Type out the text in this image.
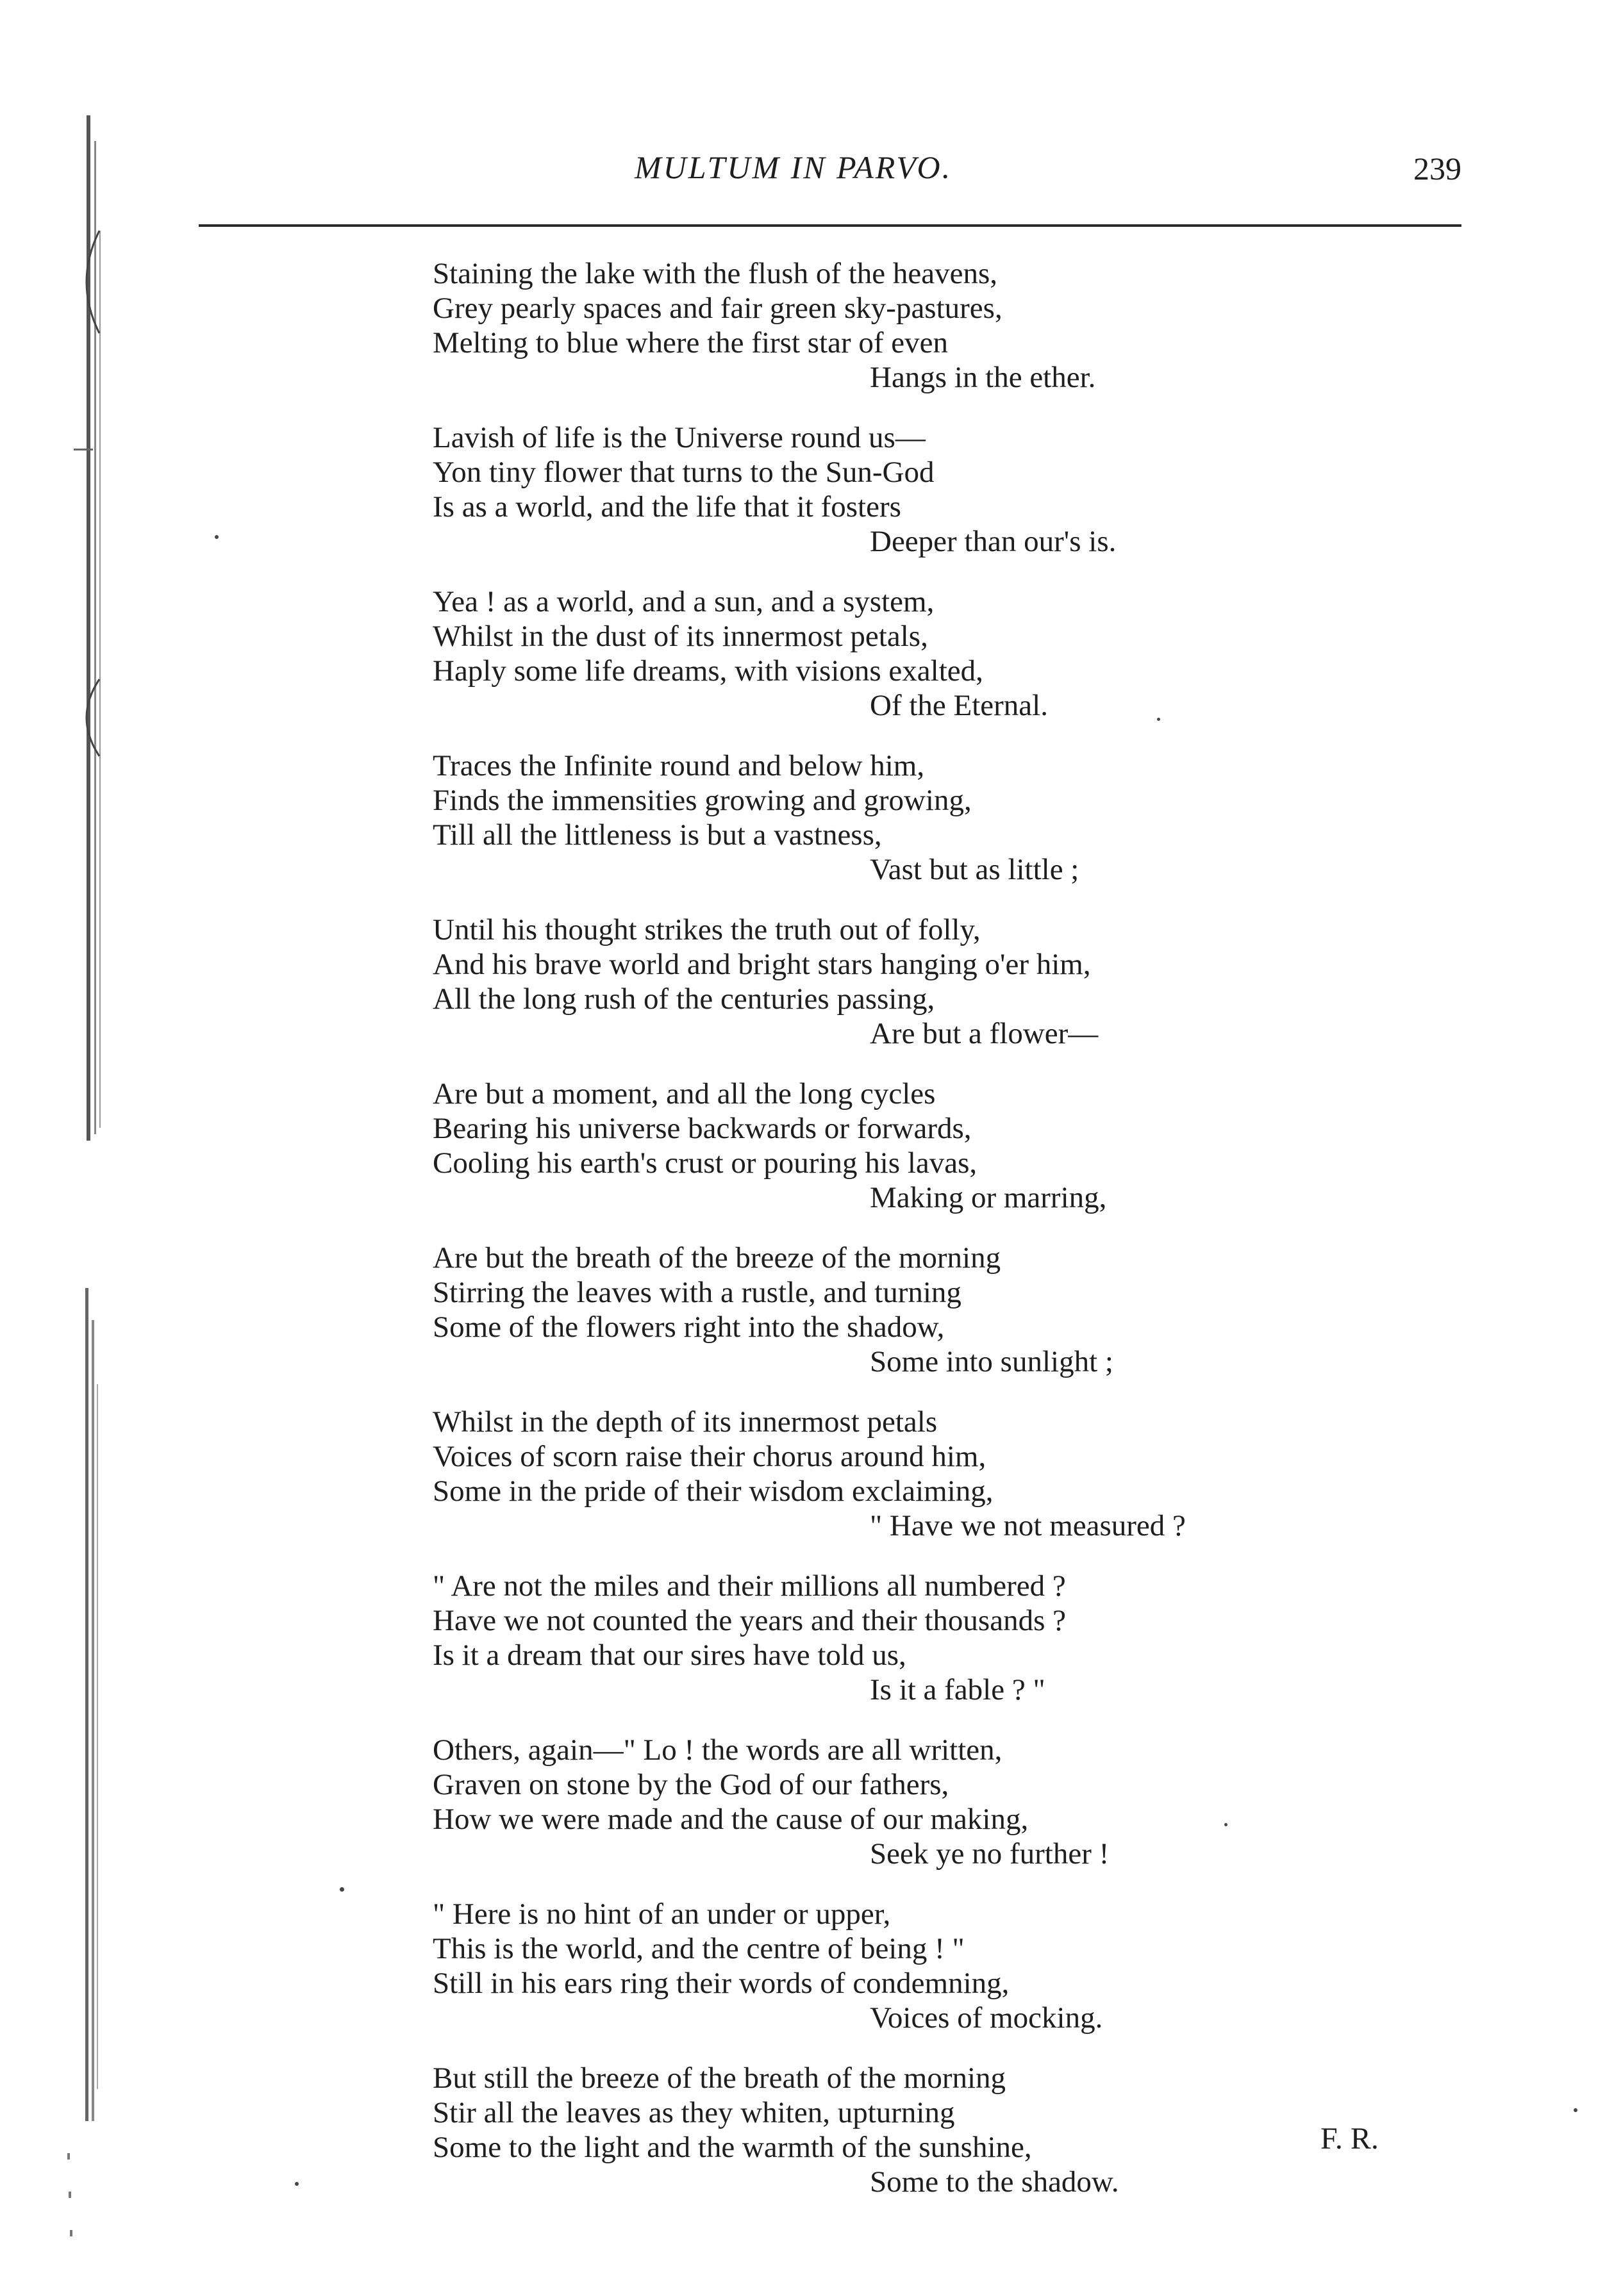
MULTUM IN PARVO.	239
Staining the lake with the flush of the heavens,
Grey pearly spaces and fair green sky-pastures,
Melting to blue where the first star of even
Hangs in the ether.
Lavish of life is the Universe round us—
Yon tiny flower that turns to the Sun-God
Is as a world, and the life that it fosters
Deeper than our's is.
Yea ! as a world, and a sun, and a system,
Whilst in the dust of its innermost petals,
Haply some life dreams, with visions exalted,
Of the Eternal.
Traces the Infinite round and below him,
Finds the immensities growing and growing,
Till all the littleness is but a vastness,
Vast but as little ;
Until his thought strikes the truth out of folly,
And his brave world and bright stars hanging o'er him,
All the long rush of the centuries passing,
Are but a flower—
Are but a moment, and all the long cycles
Bearing his universe backwards or forwards,
Cooling his earth's crust or pouring his lavas,
Making or marring,
Are but the breath of the breeze of the morning
Stirring the leaves with a rustle, and turning
Some of the flowers right into the shadow,
Some into sunlight ;
Whilst in the depth of its innermost petals
Voices of scorn raise their chorus around him,
Some in the pride of their wisdom exclaiming,
" Have we not measured ?
" Are not the miles and their millions all numbered ?
Have we not counted the years and their thousands ?
Is it a dream that our sires have told us,
Is it a fable ? "
Others, again—" Lo ! the words are all written,
Graven on stone by the God of our fathers,
How we were made and the cause of our making,
Seek ye no further !
" Here is no hint of an under or upper,
This is the world, and the centre of being ! "
Still in his ears ring their words of condemning,
Voices of mocking.
But still the breeze of the breath of the morning
Stir all the leaves as they whiten, upturning
Some to the light and the warmth of the sunshine,
Some to the shadow.
F. R.
